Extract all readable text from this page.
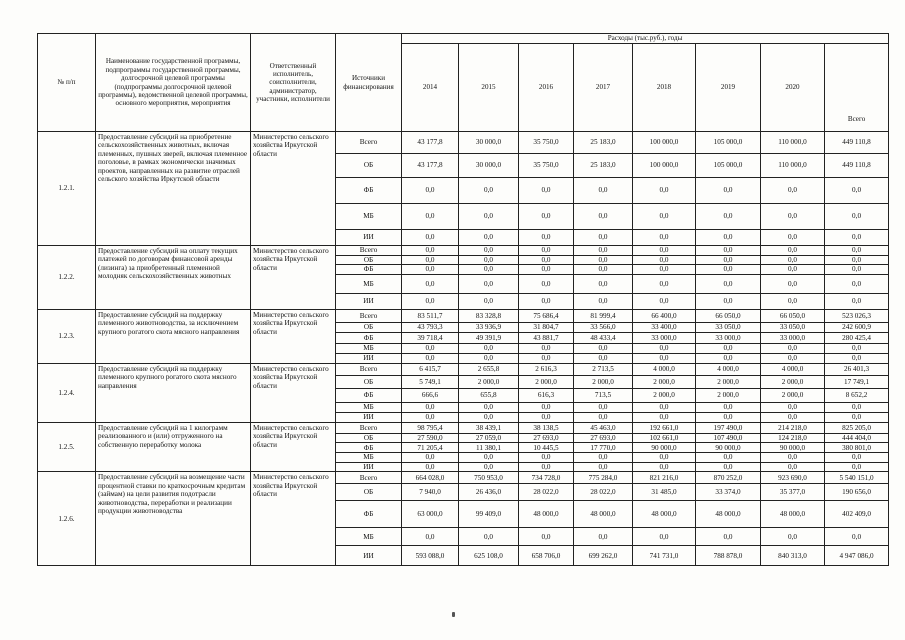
№ п/п	Наименование государственной программы, подпрограммы государственной программы, долгосрочной целевой программы (подпрограммы долгосрочной целевой программы), ведомственной целевой программы, основного мероприятия, мероприятия	Ответственный исполнитель, соисполнители, администратор, участники, исполнители	Источники финансирования	Расходы (тыс.руб.), годы							
				2014	2015	2016	2017	2018	2019	2020	Всего
1.2.1.	Предоставление субсидий на приобретение сельскохозяйственных животных, включая племенных, пушных зверей, включая племенное поголовье, в рамках экономически значимых проектов, направленных на развитие отраслей сельского хозяйства Иркутской области	Министерство сельского хозяйства Иркутской области	Всего	43 177,8	30 000,0	35 750,0	25 183,0	100 000,0	105 000,0	110 000,0	449 110,8
			ОБ	43 177,8	30 000,0	35 750,0	25 183,0	100 000,0	105 000,0	110 000,0	449 110,8
			ФБ	0,0	0,0	0,0	0,0	0,0	0,0	0,0	0,0
			МБ	0,0	0,0	0,0	0,0	0,0	0,0	0,0	0,0
			ИИ	0,0	0,0	0,0	0,0	0,0	0,0	0,0	0,0
1.2.2.	Предоставление субсидий на оплату текущих платежей по договорам финансовой аренды (лизинга) за приобретенный племенной молодняк сельскохозяйственных животных	Министерство сельского хозяйства Иркутской области	Всего	0,0	0,0	0,0	0,0	0,0	0,0	0,0	0,0
			ОБ	0,0	0,0	0,0	0,0	0,0	0,0	0,0	0,0
			ФБ	0,0	0,0	0,0	0,0	0,0	0,0	0,0	0,0
			МБ	0,0	0,0	0,0	0,0	0,0	0,0	0,0	0,0
			ИИ	0,0	0,0	0,0	0,0	0,0	0,0	0,0	0,0
1.2.3.	Предоставление субсидий на поддержку племенного животноводства, за исключением крупного рогатого скота мясного направления	Министерство сельского хозяйства Иркутской области	Всего	83 511,7	83 328,8	75 686,4	81 999,4	66 400,0	66 050,0	66 050,0	523 026,3
			ОБ	43 793,3	33 936,9	31 804,7	33 566,0	33 400,0	33 050,0	33 050,0	242 600,9
			ФБ	39 718,4	49 391,9	43 881,7	48 433,4	33 000,0	33 000,0	33 000,0	280 425,4
			МБ	0,0	0,0	0,0	0,0	0,0	0,0	0,0	0,0
			ИИ	0,0	0,0	0,0	0,0	0,0	0,0	0,0	0,0
1.2.4.	Предоставление субсидий на поддержку племенного крупного рогатого скота мясного направления	Министерство сельского хозяйства Иркутской области	Всего	6 415,7	2 655,8	2 616,3	2 713,5	4 000,0	4 000,0	4 000,0	26 401,3
			ОБ	5 749,1	2 000,0	2 000,0	2 000,0	2 000,0	2 000,0	2 000,0	17 749,1
			ФБ	666,6	655,8	616,3	713,5	2 000,0	2 000,0	2 000,0	8 652,2
			МБ	0,0	0,0	0,0	0,0	0,0	0,0	0,0	0,0
			ИИ	0,0	0,0	0,0	0,0	0,0	0,0	0,0	0,0
1.2.5.	Предоставление субсидий на 1 килограмм реализованного и (или) отгруженного на собственную переработку молока	Министерство сельского хозяйства Иркутской области	Всего	98 795,4	38 439,1	38 138,5	45 463,0	192 661,0	197 490,0	214 218,0	825 205,0
			ОБ	27 590,0	27 059,0	27 693,0	27 693,0	102 661,0	107 490,0	124 218,0	444 404,0
			ФБ	71 205,4	11 380,1	10 445,5	17 770,0	90 000,0	90 000,0	90 000,0	380 801,0
			МБ	0,0	0,0	0,0	0,0	0,0	0,0	0,0	0,0
			ИИ	0,0	0,0	0,0	0,0	0,0	0,0	0,0	0,0
1.2.6.	Предоставление субсидий на возмещение части процентной ставки по краткосрочным кредитам (займам) на цели развития подотрасли животноводства, переработки и реализации продукции животноводства	Министерство сельского хозяйства Иркутской области	Всего	664 028,0	750 953,0	734 728,0	775 284,0	821 216,0	870 252,0	923 690,0	5 540 151,0
			ОБ	7 940,0	26 436,0	28 022,0	28 022,0	31 485,0	33 374,0	35 377,0	190 656,0
			ФБ	63 000,0	99 409,0	48 000,0	48 000,0	48 000,0	48 000,0	48 000,0	402 409,0
			МБ	0,0	0,0	0,0	0,0	0,0	0,0	0,0	0,0
			ИИ	593 088,0	625 108,0	658 706,0	699 262,0	741 731,0	788 878,0	840 313,0	4 947 086,0
